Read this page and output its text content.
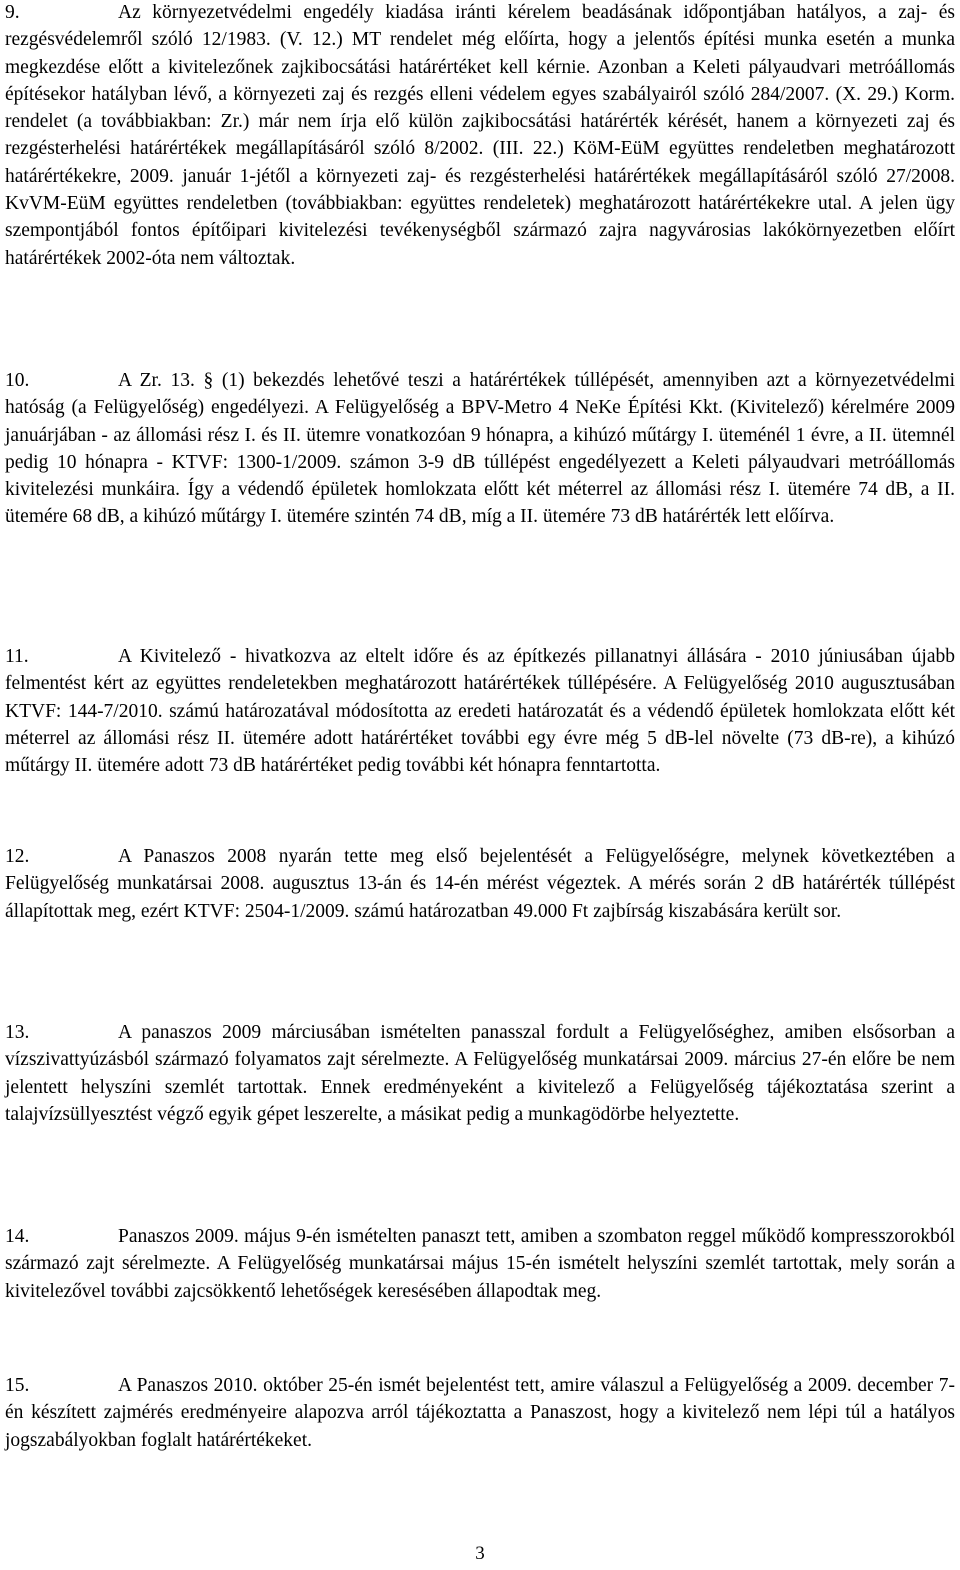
9.	Az környezetvédelmi engedély kiadása iránti kérelem beadásának időpontjában hatályos, a zaj- és rezgésvédelemről szóló 12/1983. (V. 12.) MT rendelet még előírta, hogy a jelentős építési munka esetén a munka megkezdése előtt a kivitelezőnek zajkibocsátási határértéket kell kérnie. Azonban a Keleti pályaudvari metróállomás építésekor hatályban lévő, a környezeti zaj és rezgés elleni védelem egyes szabályairól szóló 284/2007. (X. 29.) Korm. rendelet (a továbbiakban: Zr.) már nem írja elő külön zajkibocsátási határérték kérését, hanem a környezeti zaj és rezgésterhelési határértékek megállapításáról szóló 8/2002. (III. 22.) KöM-EüM együttes rendeletben meghatározott határértékekre, 2009. január 1-jétől a környezeti zaj- és rezgésterhelési határértékek megállapításáról szóló 27/2008. KvVM-EüM együttes rendeletben (továbbiakban: együttes rendeletek) meghatározott határértékekre utal. A jelen ügy szempontjából fontos építőipari kivitelezési tevékenységből származó zajra nagyvárosias lakókörnyezetben előírt határértékek 2002-óta nem változtak.

10.	A Zr. 13. § (1) bekezdés lehetővé teszi a határértékek túllépését, amennyiben azt a környezetvédelmi hatóság (a Felügyelőség) engedélyezi. A Felügyelőség a BPV-Metro 4 NeKe Építési Kkt. (Kivitelező) kérelmére 2009 januárjában - az állomási rész I. és II. ütemre vonatkozóan 9 hónapra, a kihúzó műtárgy I. üteménél 1 évre, a II. ütemnél pedig 10 hónapra - KTVF: 1300-1/2009. számon 3-9 dB túllépést engedélyezett a Keleti pályaudvari metróállomás kivitelezési munkáira. Így a védendő épületek homlokzata előtt két méterrel az állomási rész I. ütemére 74 dB, a II. ütemére 68 dB, a kihúzó műtárgy I. ütemére szintén 74 dB, míg a II. ütemére 73 dB határérték lett előírva.

11.	A Kivitelező - hivatkozva az eltelt időre és az építkezés pillanatnyi állására - 2010 júniusában újabb felmentést kért az együttes rendeletekben meghatározott határértékek túllépésére. A Felügyelőség 2010 augusztusában KTVF: 144-7/2010. számú határozatával módosította az eredeti határozatát és a védendő épületek homlokzata előtt két méterrel az állomási rész II. ütemére adott határértéket további egy évre még 5 dB-lel növelte (73 dB-re), a kihúzó műtárgy II. ütemére adott 73 dB határértéket pedig további két hónapra fenntartotta.

12.	A Panaszos 2008 nyarán tette meg első bejelentését a Felügyelőségre, melynek következtében a Felügyelőség munkatársai 2008. augusztus 13-án és 14-én mérést végeztek. A mérés során 2 dB határérték túllépést állapítottak meg, ezért KTVF: 2504-1/2009. számú határozatban 49.000 Ft zajbírság kiszabására került sor.

13.	A panaszos 2009 márciusában ismételten panasszal fordult a Felügyelőséghez, amiben elsősorban a vízszivattyúzásból származó folyamatos zajt sérelmezte. A Felügyelőség munkatársai 2009. március 27-én előre be nem jelentett helyszíni szemlét tartottak. Ennek eredményeként a kivitelező a Felügyelőség tájékoztatása szerint a talajvízsüllyesztést végző egyik gépet leszerelte, a másikat pedig a munkagödörbe helyeztette.

14.	Panaszos 2009. május 9-én ismételten panaszt tett, amiben a szombaton reggel működő kompresszorokból származó zajt sérelmezte. A Felügyelőség munkatársai május 15-én ismételt helyszíni szemlét tartottak, mely során a kivitelezővel további zajcsökkentő lehetőségek keresésében állapodtak meg.

15.	A Panaszos 2010. október 25-én ismét bejelentést tett, amire válaszul a Felügyelőség a 2009. december 7-én készített zajmérés eredményeire alapozva arról tájékoztatta a Panaszost, hogy a kivitelező nem lépi túl a hatályos jogszabályokban foglalt határértékeket.

3
